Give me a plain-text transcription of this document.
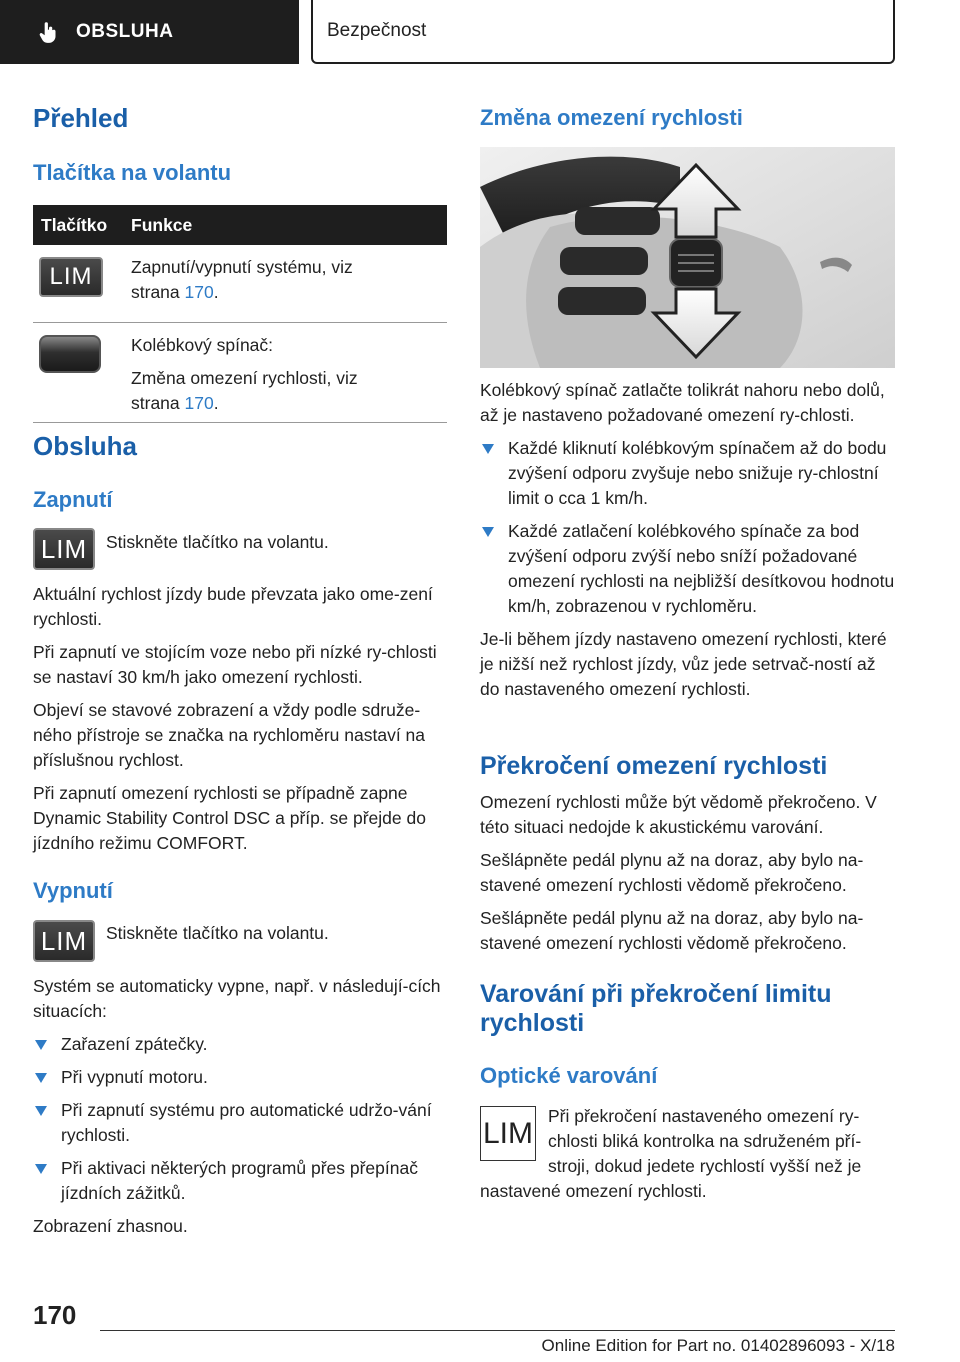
OBSLUHA	Bezpečnost
Přehled
Tlačítka na volantu
Tlačítko	Funkce
LIM	Zapnutí/vypnutí systému, viz
strana 170.
Kolébkový spínač:
Změna omezení rychlosti, viz
strana 170.
Obsluha
Zapnutí
LIM	Stiskněte tlačítko na volantu.

Aktuální rychlost jízdy bude převzata jako ome-zení rychlosti.

Při zapnutí ve stojícím voze nebo při nízké ry-chlosti se nastaví 30 km/h jako omezení rychlosti.

Objeví se stavové zobrazení a vždy podle sdruže-ného přístroje se značka na rychloměru nastaví na příslušnou rychlost.

Při zapnutí omezení rychlosti se případně zapne Dynamic Stability Control DSC a příp. se přejde do jízdního režimu COMFORT.

Vypnutí
LIM	Stiskněte tlačítko na volantu.

Systém se automaticky vypne, např. v následují-cích situacích:

Zařazení zpátečky.
Při vypnutí motoru.
Při zapnutí systému pro automatické udržo-vání rychlosti.
Při aktivaci některých programů přes přepínač jízdních zážitků.

Zobrazení zhasnou.

Změna omezení rychlosti

Kolébkový spínač zatlačte tolikrát nahoru nebo dolů, až je nastaveno požadované omezení ry-chlosti.

Každé kliknutí kolébkovým spínačem až do bodu zvýšení odporu zvyšuje nebo snižuje ry-chlostní limit o cca 1 km/h.
Každé zatlačení kolébkového spínače za bod zvýšení odporu zvýší nebo sníží požadované omezení rychlosti na nejbližší desítkovou hodnotu km/h, zobrazenou v rychloměru.

Je-li během jízdy nastaveno omezení rychlosti, které je nižší než rychlost jízdy, vůz jede setrvač-ností až do nastaveného omezení rychlosti.

Překročení omezení rychlosti

Omezení rychlosti může být vědomě překročeno. V této situaci nedojde k akustickému varování.

Sešlápněte pedál plynu až na doraz, aby bylo na-stavené omezení rychlosti vědomě překročeno.

Sešlápněte pedál plynu až na doraz, aby bylo na-stavené omezení rychlosti vědomě překročeno.

Varování při překročení limitu rychlosti
Optické varování
LIM

Při překročení nastaveného omezení ry-chlosti bliká kontrolka na sdruženém pří-stroji, dokud jedete rychlostí vyšší než je nastavené omezení rychlosti.

170
Online Edition for Part no. 01402896093 - X/18
